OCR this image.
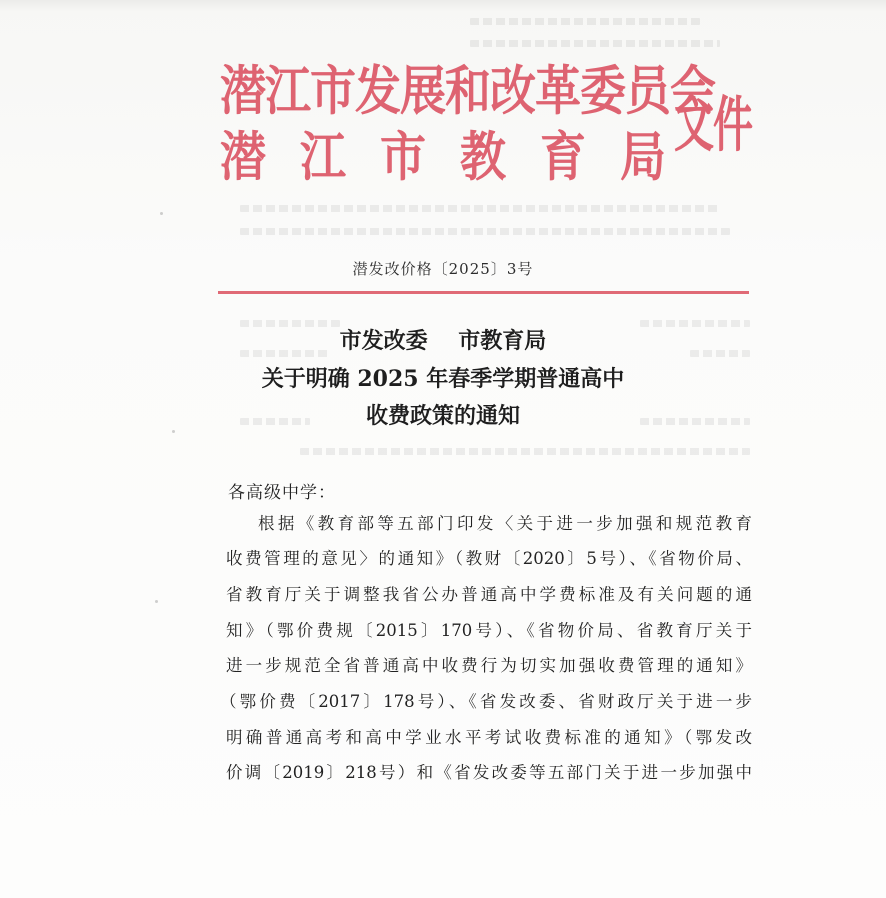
潜江市发展和改革委员会
潜 江 市 教 育 局 文件
潜发改价格〔2025〕3号
市发改委    市教育局
关于明确 2025 年春季学期普通高中
收费政策的通知
各高级中学：
根据《教育部等五部门印发〈关于进一步加强和规范教育
收费管理的意见〉的通知》（教财〔2020〕5号）、《省物价局、
省教育厅关于调整我省公办普通高中学费标准及有关问题的通
知》（鄂价费规〔2015〕170号）、《省物价局、省教育厅关于
进一步规范全省普通高中收费行为切实加强收费管理的通知》
（鄂价费〔2017〕178号）、《省发改委、省财政厅关于进一步
明确普通高考和高中学业水平考试收费标准的通知》（鄂发改
价调〔2019〕218号）和《省发改委等五部门关于进一步加强中
